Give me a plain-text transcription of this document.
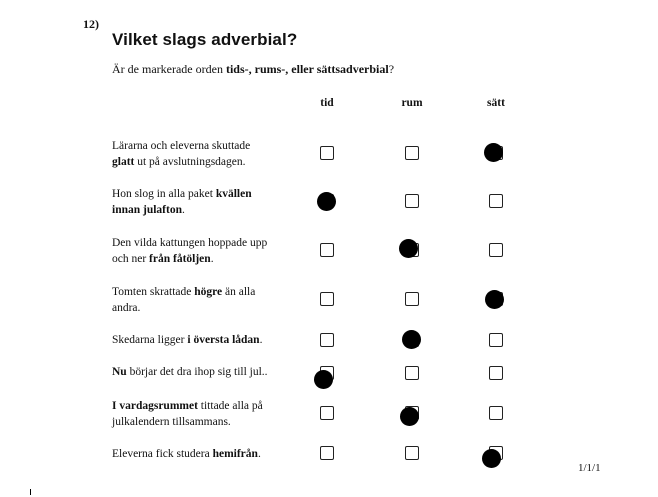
12)
Vilket slags adverbial?
Är de markerade orden tids-, rums-, eller sättsadverbial?
tid	rum	sätt
Lärarna och eleverna skuttade
glatt ut på avslutningsdagen.
Hon slog in alla paket kvällen
innan julafton.
Den vilda kattungen hoppade upp
och ner från fåtöljen.
Tomten skrattade högre än alla
andra.
Skedarna ligger i översta lådan.
Nu börjar det dra ihop sig till jul..
I vardagsrummet tittade alla på
julkalendern tillsammans.
Eleverna fick studera hemifrån.
1/1/1
